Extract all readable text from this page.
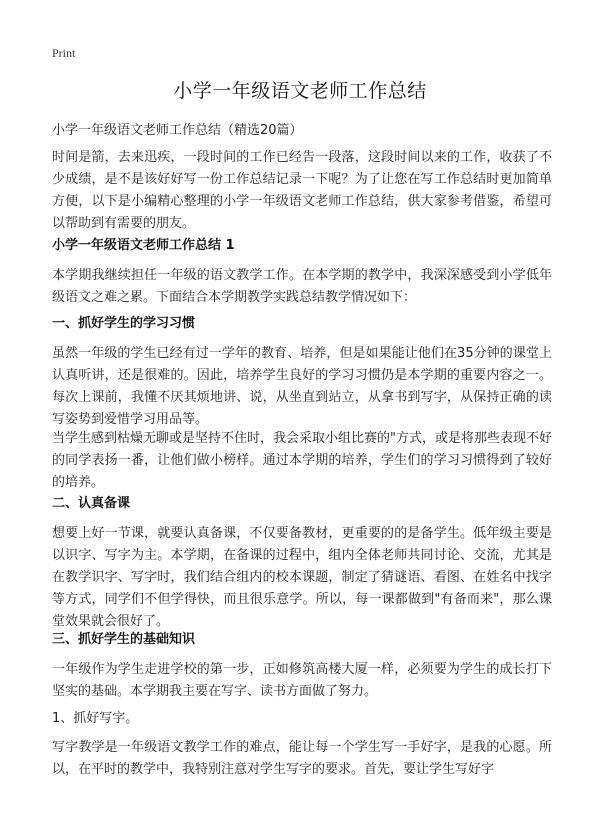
Print
小学一年级语文老师工作总结

小学一年级语文老师工作总结（精选20篇）

时间是箭，去来迅疾，一段时间的工作已经告一段落，这段时间以来的工作，收获了不少成绩，是不是该好好写一份工作总结记录一下呢？为了让您在写工作总结时更加简单方便，以下是小编精心整理的小学一年级语文老师工作总结，供大家参考借鉴，希望可以帮助到有需要的朋友。

小学一年级语文老师工作总结 1

本学期我继续担任一年级的语文教学工作。在本学期的教学中，我深深感受到小学低年级语文之难之累。下面结合本学期教学实践总结教学情况如下：

一、抓好学生的学习习惯

虽然一年级的学生已经有过一学年的教育、培养，但是如果能让他们在35分钟的课堂上认真听讲，还是很难的。因此，培养学生良好的学习习惯仍是本学期的重要内容之一。每次上课前，我懂不厌其烦地讲、说，从坐直到站立，从拿书到写字，从保持正确的读写姿势到爱惜学习用品等。

当学生感到枯燥无聊或是坚持不住时，我会采取小组比赛的"方式，或是将那些表现不好的同学表扬一番，让他们做小榜样。通过本学期的培养，学生们的学习习惯得到了较好的培养。

二、认真备课

想要上好一节课，就要认真备课，不仅要备教材，更重要的的是备学生。低年级主要是以识字、写字为主。本学期，在备课的过程中，组内全体老师共同讨论、交流，尤其是在教学识字、写字时，我们结合组内的校本课题，制定了猜谜语、看图、在姓名中找字等方式，同学们不但学得快，而且很乐意学。所以，每一课都做到"有备而来"，那么课堂效果就会很好了。

三、抓好学生的基础知识

一年级作为学生走进学校的第一步，正如修筑高楼大厦一样，必须要为学生的成长打下坚实的基础。本学期我主要在写字、读书方面做了努力。

1、抓好写字。

写字教学是一年级语文教学工作的难点，能让每一个学生写一手好字，是我的心愿。所以，在平时的教学中，我特别注意对学生写字的要求。首先，要让学生写好字
